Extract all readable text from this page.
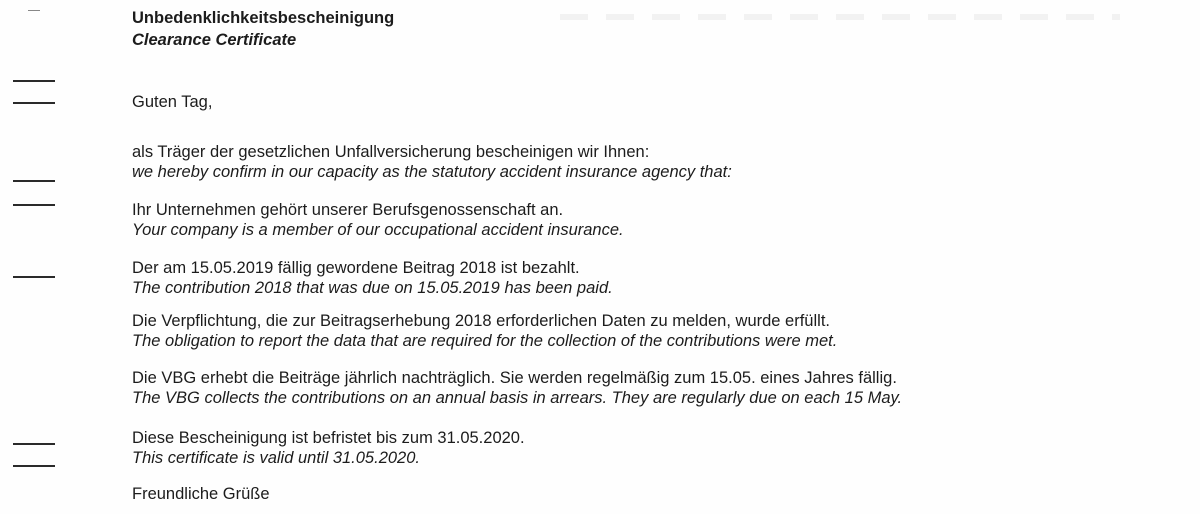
Unbedenklichkeitsbescheinigung
Clearance Certificate
Guten Tag,
als Träger der gesetzlichen Unfallversicherung bescheinigen wir Ihnen:
we hereby confirm in our capacity as the statutory accident insurance agency that:
Ihr Unternehmen gehört unserer Berufsgenossenschaft an.
Your company is a member of our occupational accident insurance.
Der am 15.05.2019 fällig gewordene Beitrag 2018 ist bezahlt.
The contribution 2018 that was due on 15.05.2019 has been paid.
Die Verpflichtung, die zur Beitragserhebung 2018 erforderlichen Daten zu melden, wurde erfüllt.
The obligation to report the data that are required for the collection of the contributions were met.
Die VBG erhebt die Beiträge jährlich nachträglich. Sie werden regelmäßig zum 15.05. eines Jahres fällig.
The VBG collects the contributions on an annual basis in arrears. They are regularly due on each 15 May.
Diese Bescheinigung ist befristet bis zum 31.05.2020.
This certificate is valid until 31.05.2020.
Freundliche Grüße
